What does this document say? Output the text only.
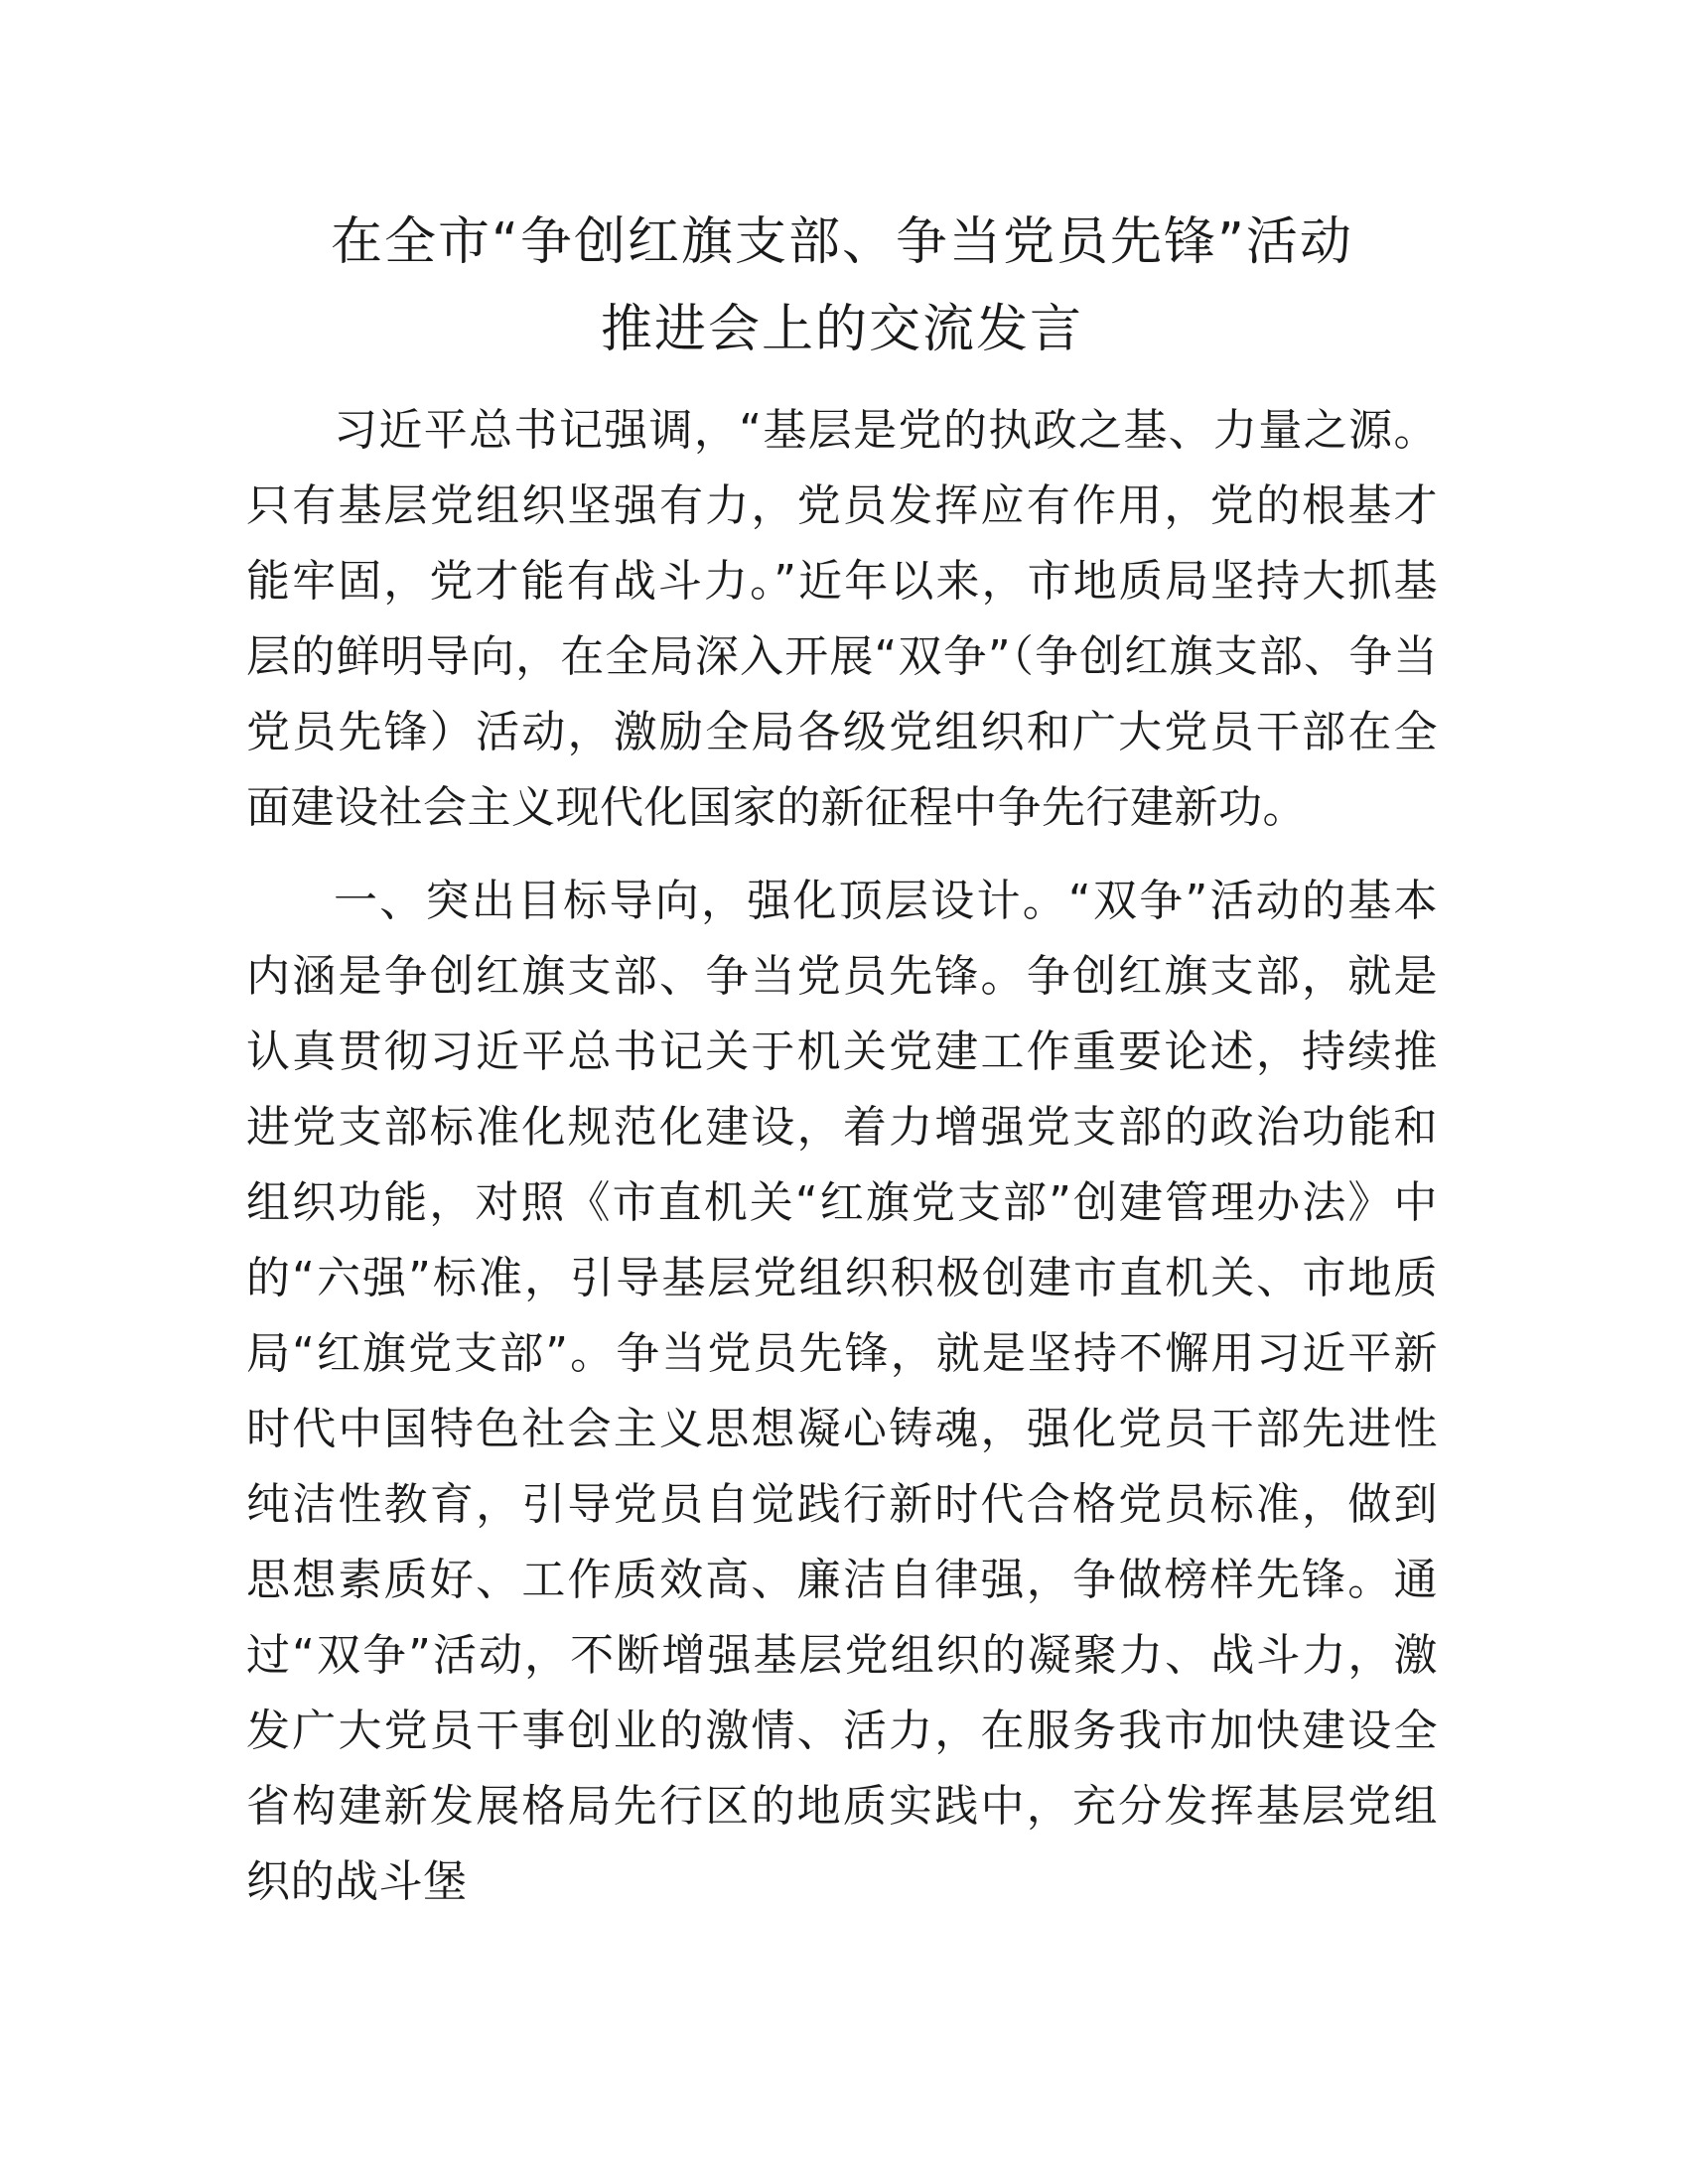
在全市“争创红旗支部、争当党员先锋”活动
推进会上的交流发言

习近平总书记强调，“基层是党的执政之基、力量之源。只有基层党组织坚强有力，党员发挥应有作用，党的根基才能牢固，党才能有战斗力。”近年以来，市地质局坚持大抓基层的鲜明导向，在全局深入开展“双争”（争创红旗支部、争当党员先锋）活动，激励全局各级党组织和广大党员干部在全面建设社会主义现代化国家的新征程中争先行建新功。

一、突出目标导向，强化顶层设计。“双争”活动的基本内涵是争创红旗支部、争当党员先锋。争创红旗支部，就是认真贯彻习近平总书记关于机关党建工作重要论述，持续推进党支部标准化规范化建设，着力增强党支部的政治功能和组织功能，对照《市直机关“红旗党支部”创建管理办法》中的“六强”标准，引导基层党组织积极创建市直机关、市地质局“红旗党支部”。争当党员先锋，就是坚持不懈用习近平新时代中国特色社会主义思想凝心铸魂，强化党员干部先进性纯洁性教育，引导党员自觉践行新时代合格党员标准，做到思想素质好、工作质效高、廉洁自律强，争做榜样先锋。通过“双争”活动，不断增强基层党组织的凝聚力、战斗力，激发广大党员干事创业的激情、活力，在服务我市加快建设全省构建新发展格局先行区的地质实践中，充分发挥基层党组织的战斗堡
